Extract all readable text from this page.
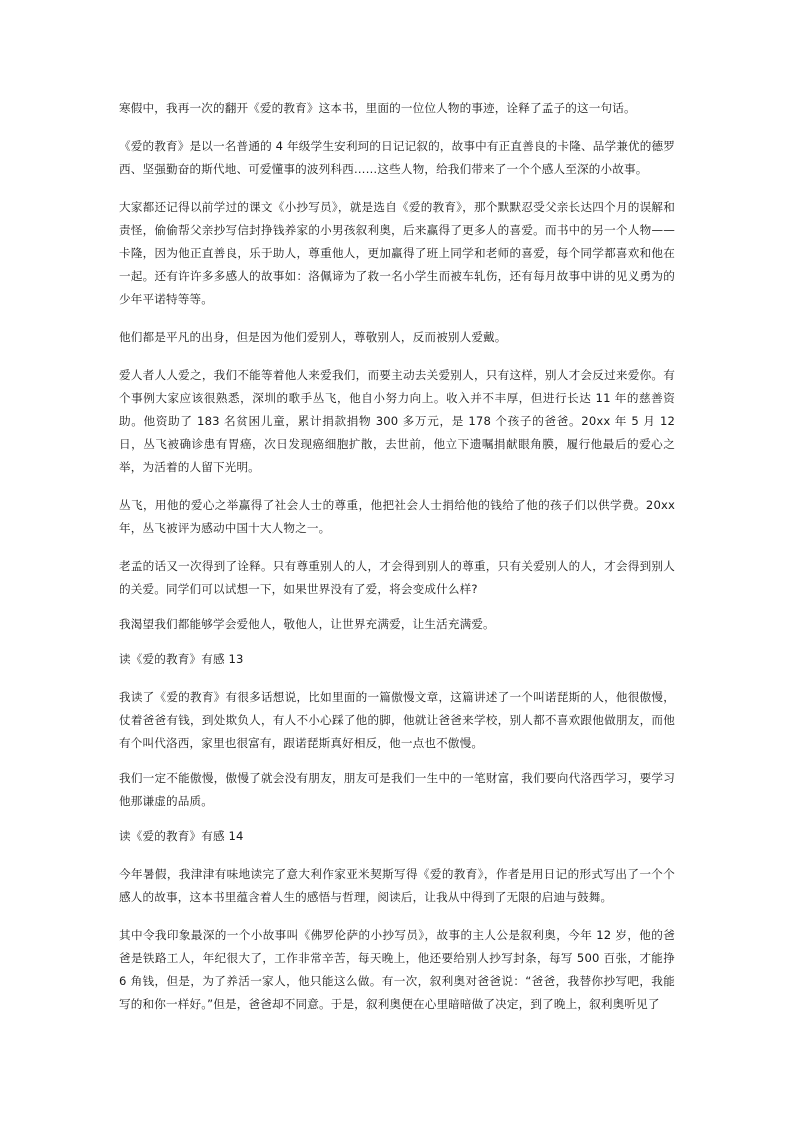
寒假中，我再一次的翻开《爱的教育》这本书，里面的一位位人物的事迹，诠释了孟子的这一句话。

《爱的教育》是以一名普通的 4 年级学生安利珂的日记记叙的，故事中有正直善良的卡隆、品学兼优的德罗西、坚强勤奋的斯代地、可爱懂事的波列科西……这些人物，给我们带来了一个个感人至深的小故事。

大家都还记得以前学过的课文《小抄写员》，就是选自《爱的教育》，那个默默忍受父亲长达四个月的误解和责怪，偷偷帮父亲抄写信封挣钱养家的小男孩叙利奥，后来赢得了更多人的喜爱。而书中的另一个人物——卡隆，因为他正直善良，乐于助人，尊重他人，更加赢得了班上同学和老师的喜爱，每个同学都喜欢和他在一起。还有许许多多感人的故事如：洛佩谛为了救一名小学生而被车轧伤，还有每月故事中讲的见义勇为的少年平诺特等等。

他们都是平凡的出身，但是因为他们爱别人，尊敬别人，反而被别人爱戴。

爱人者人人爱之，我们不能等着他人来爱我们，而要主动去关爱别人，只有这样，别人才会反过来爱你。有个事例大家应该很熟悉，深圳的歌手丛飞，他自小努力向上。收入并不丰厚，但进行长达 11 年的慈善资助。他资助了 183 名贫困儿童，累计捐款捐物 300 多万元，是 178 个孩子的爸爸。20xx 年 5 月 12 日，丛飞被确诊患有胃癌，次日发现癌细胞扩散，去世前，他立下遗嘱捐献眼角膜，履行他最后的爱心之举，为活着的人留下光明。

丛飞，用他的爱心之举赢得了社会人士的尊重，他把社会人士捐给他的钱给了他的孩子们以供学费。20xx 年，丛飞被评为感动中国十大人物之一。

老孟的话又一次得到了诠释。只有尊重别人的人，才会得到别人的尊重，只有关爱别人的人，才会得到别人的关爱。同学们可以试想一下，如果世界没有了爱，将会变成什么样?

我渴望我们都能够学会爱他人，敬他人，让世界充满爱，让生活充满爱。

读《爱的教育》有感 13

我读了《爱的教育》有很多话想说，比如里面的一篇傲慢文章，这篇讲述了一个叫诺琵斯的人，他很傲慢，仗着爸爸有钱，到处欺负人，有人不小心踩了他的脚，他就让爸爸来学校，别人都不喜欢跟他做朋友，而他有个叫代洛西，家里也很富有，跟诺琵斯真好相反，他一点也不傲慢。

我们一定不能傲慢，傲慢了就会没有朋友，朋友可是我们一生中的一笔财富，我们要向代洛西学习，要学习他那谦虚的品质。

读《爱的教育》有感 14

今年暑假，我津津有味地读完了意大利作家亚米契斯写得《爱的教育》，作者是用日记的形式写出了一个个感人的故事，这本书里蕴含着人生的感悟与哲理，阅读后，让我从中得到了无限的启迪与鼓舞。

其中令我印象最深的一个小故事叫《佛罗伦萨的小抄写员》，故事的主人公是叙利奥，今年 12 岁，他的爸爸是铁路工人，年纪很大了，工作非常辛苦，每天晚上，他还要给别人抄写封条，每写 500 百张，才能挣 6 角钱，但是，为了养活一家人，他只能这么做。有一次，叙利奥对爸爸说：“爸爸，我替你抄写吧，我能写的和你一样好。”但是，爸爸却不同意。于是，叙利奥便在心里暗暗做了决定，到了晚上，叙利奥听见了
